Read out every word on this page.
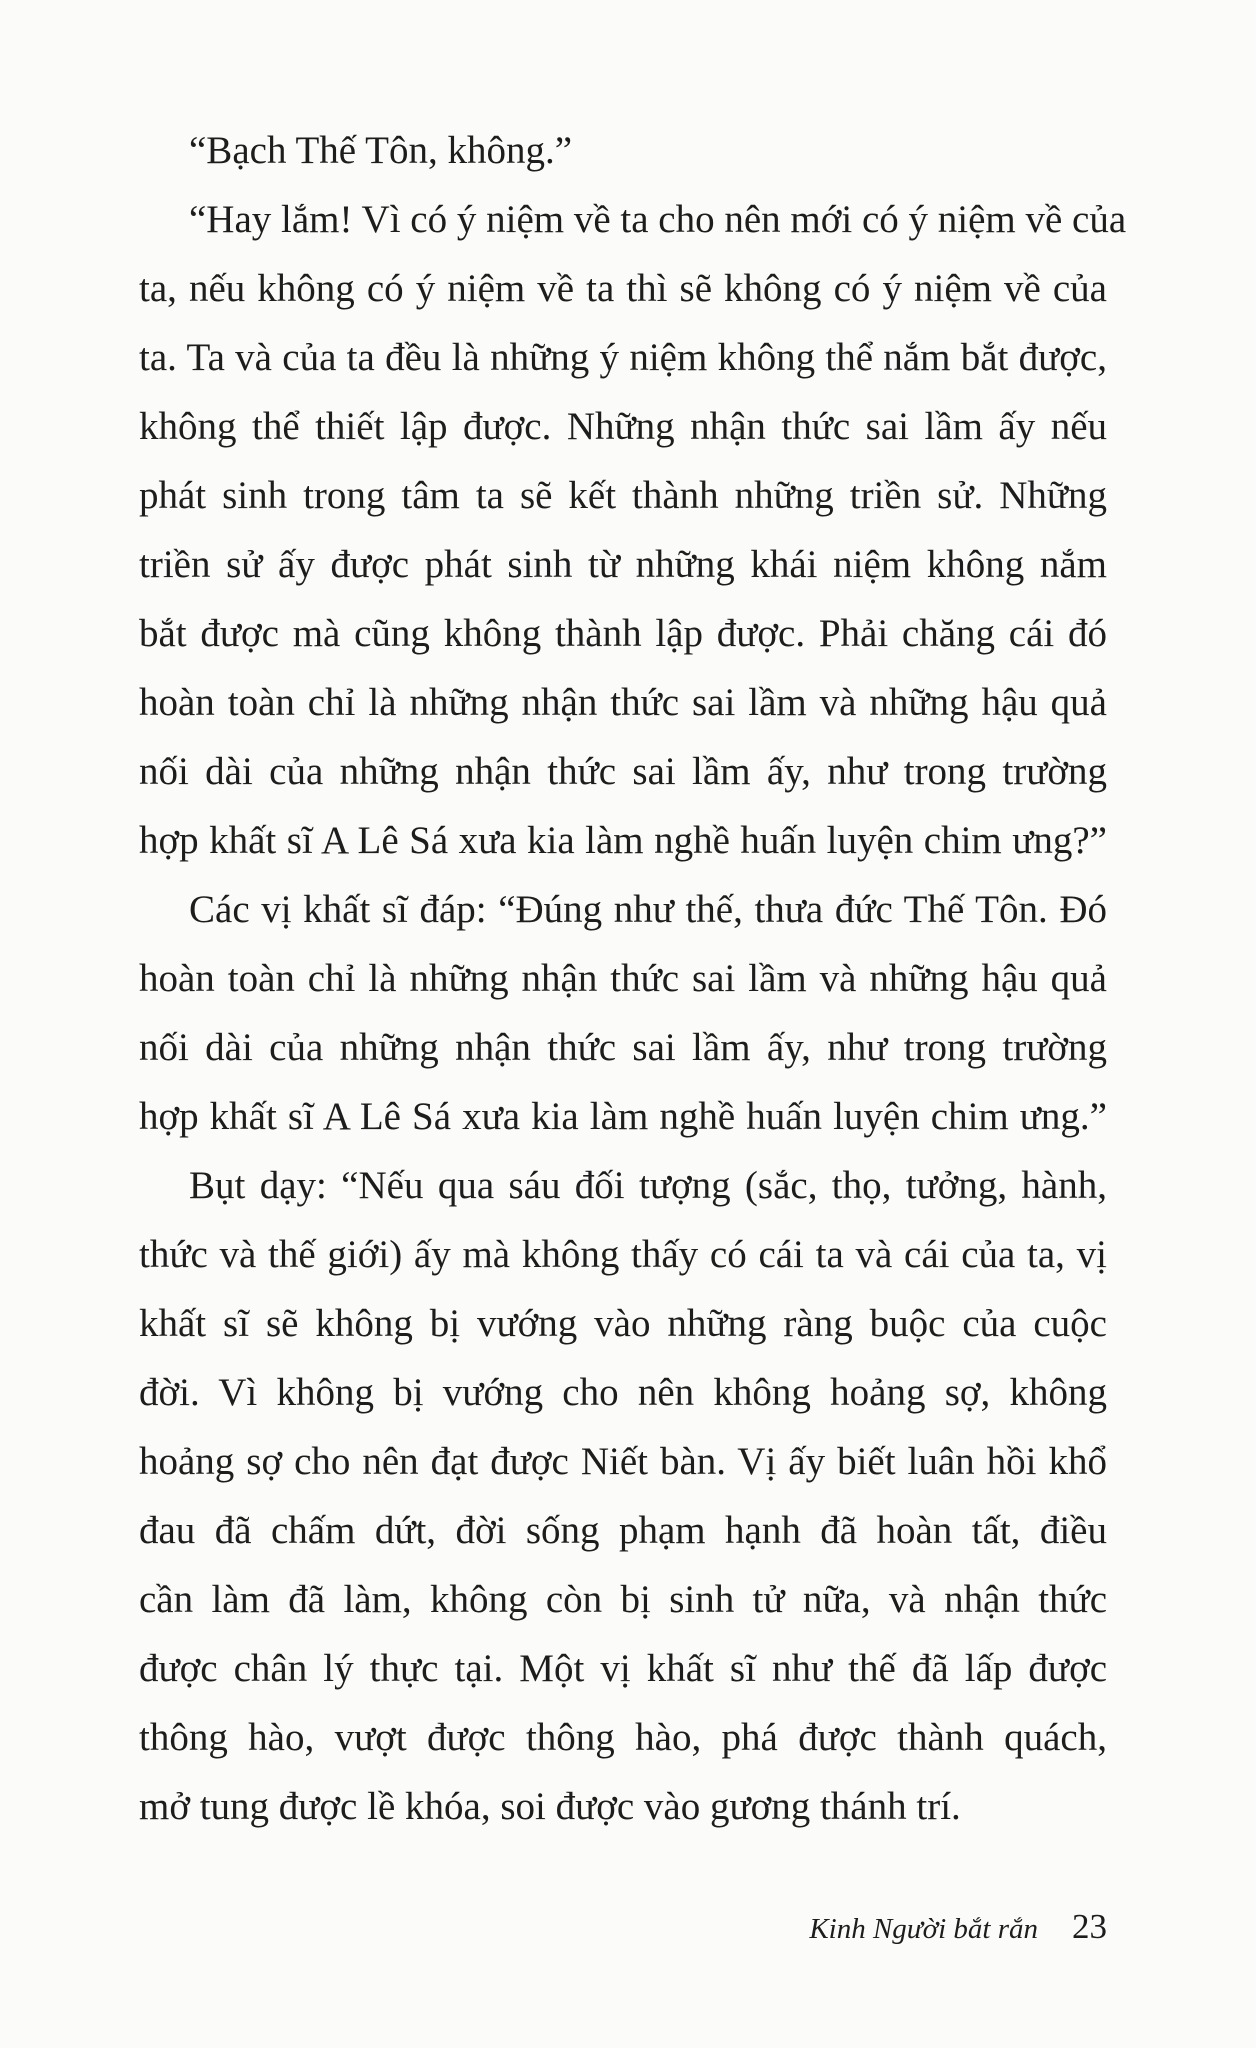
“Bạch Thế Tôn, không.”
“Hay lắm! Vì có ý niệm về ta cho nên mới có ý niệm về của
ta, nếu không có ý niệm về ta thì sẽ không có ý niệm về của
ta. Ta và của ta đều là những ý niệm không thể nắm bắt được,
không thể thiết lập được. Những nhận thức sai lầm ấy nếu
phát sinh trong tâm ta sẽ kết thành những triền sử. Những
triền sử ấy được phát sinh từ những khái niệm không nắm
bắt được mà cũng không thành lập được. Phải chăng cái đó
hoàn toàn chỉ là những nhận thức sai lầm và những hậu quả
nối dài của những nhận thức sai lầm ấy, như trong trường
hợp khất sĩ A Lê Sá xưa kia làm nghề huấn luyện chim ưng?”
Các vị khất sĩ đáp: “Đúng như thế, thưa đức Thế Tôn. Đó
hoàn toàn chỉ là những nhận thức sai lầm và những hậu quả
nối dài của những nhận thức sai lầm ấy, như trong trường
hợp khất sĩ A Lê Sá xưa kia làm nghề huấn luyện chim ưng.”
Bụt dạy: “Nếu qua sáu đối tượng (sắc, thọ, tưởng, hành,
thức và thế giới) ấy mà không thấy có cái ta và cái của ta, vị
khất sĩ sẽ không bị vướng vào những ràng buộc của cuộc
đời. Vì không bị vướng cho nên không hoảng sợ, không
hoảng sợ cho nên đạt được Niết bàn. Vị ấy biết luân hồi khổ
đau đã chấm dứt, đời sống phạm hạnh đã hoàn tất, điều
cần làm đã làm, không còn bị sinh tử nữa, và nhận thức
được chân lý thực tại. Một vị khất sĩ như thế đã lấp được
thông hào, vượt được thông hào, phá được thành quách,
mở tung được lề khóa, soi được vào gương thánh trí.
Kinh Người bắt rắn 23
